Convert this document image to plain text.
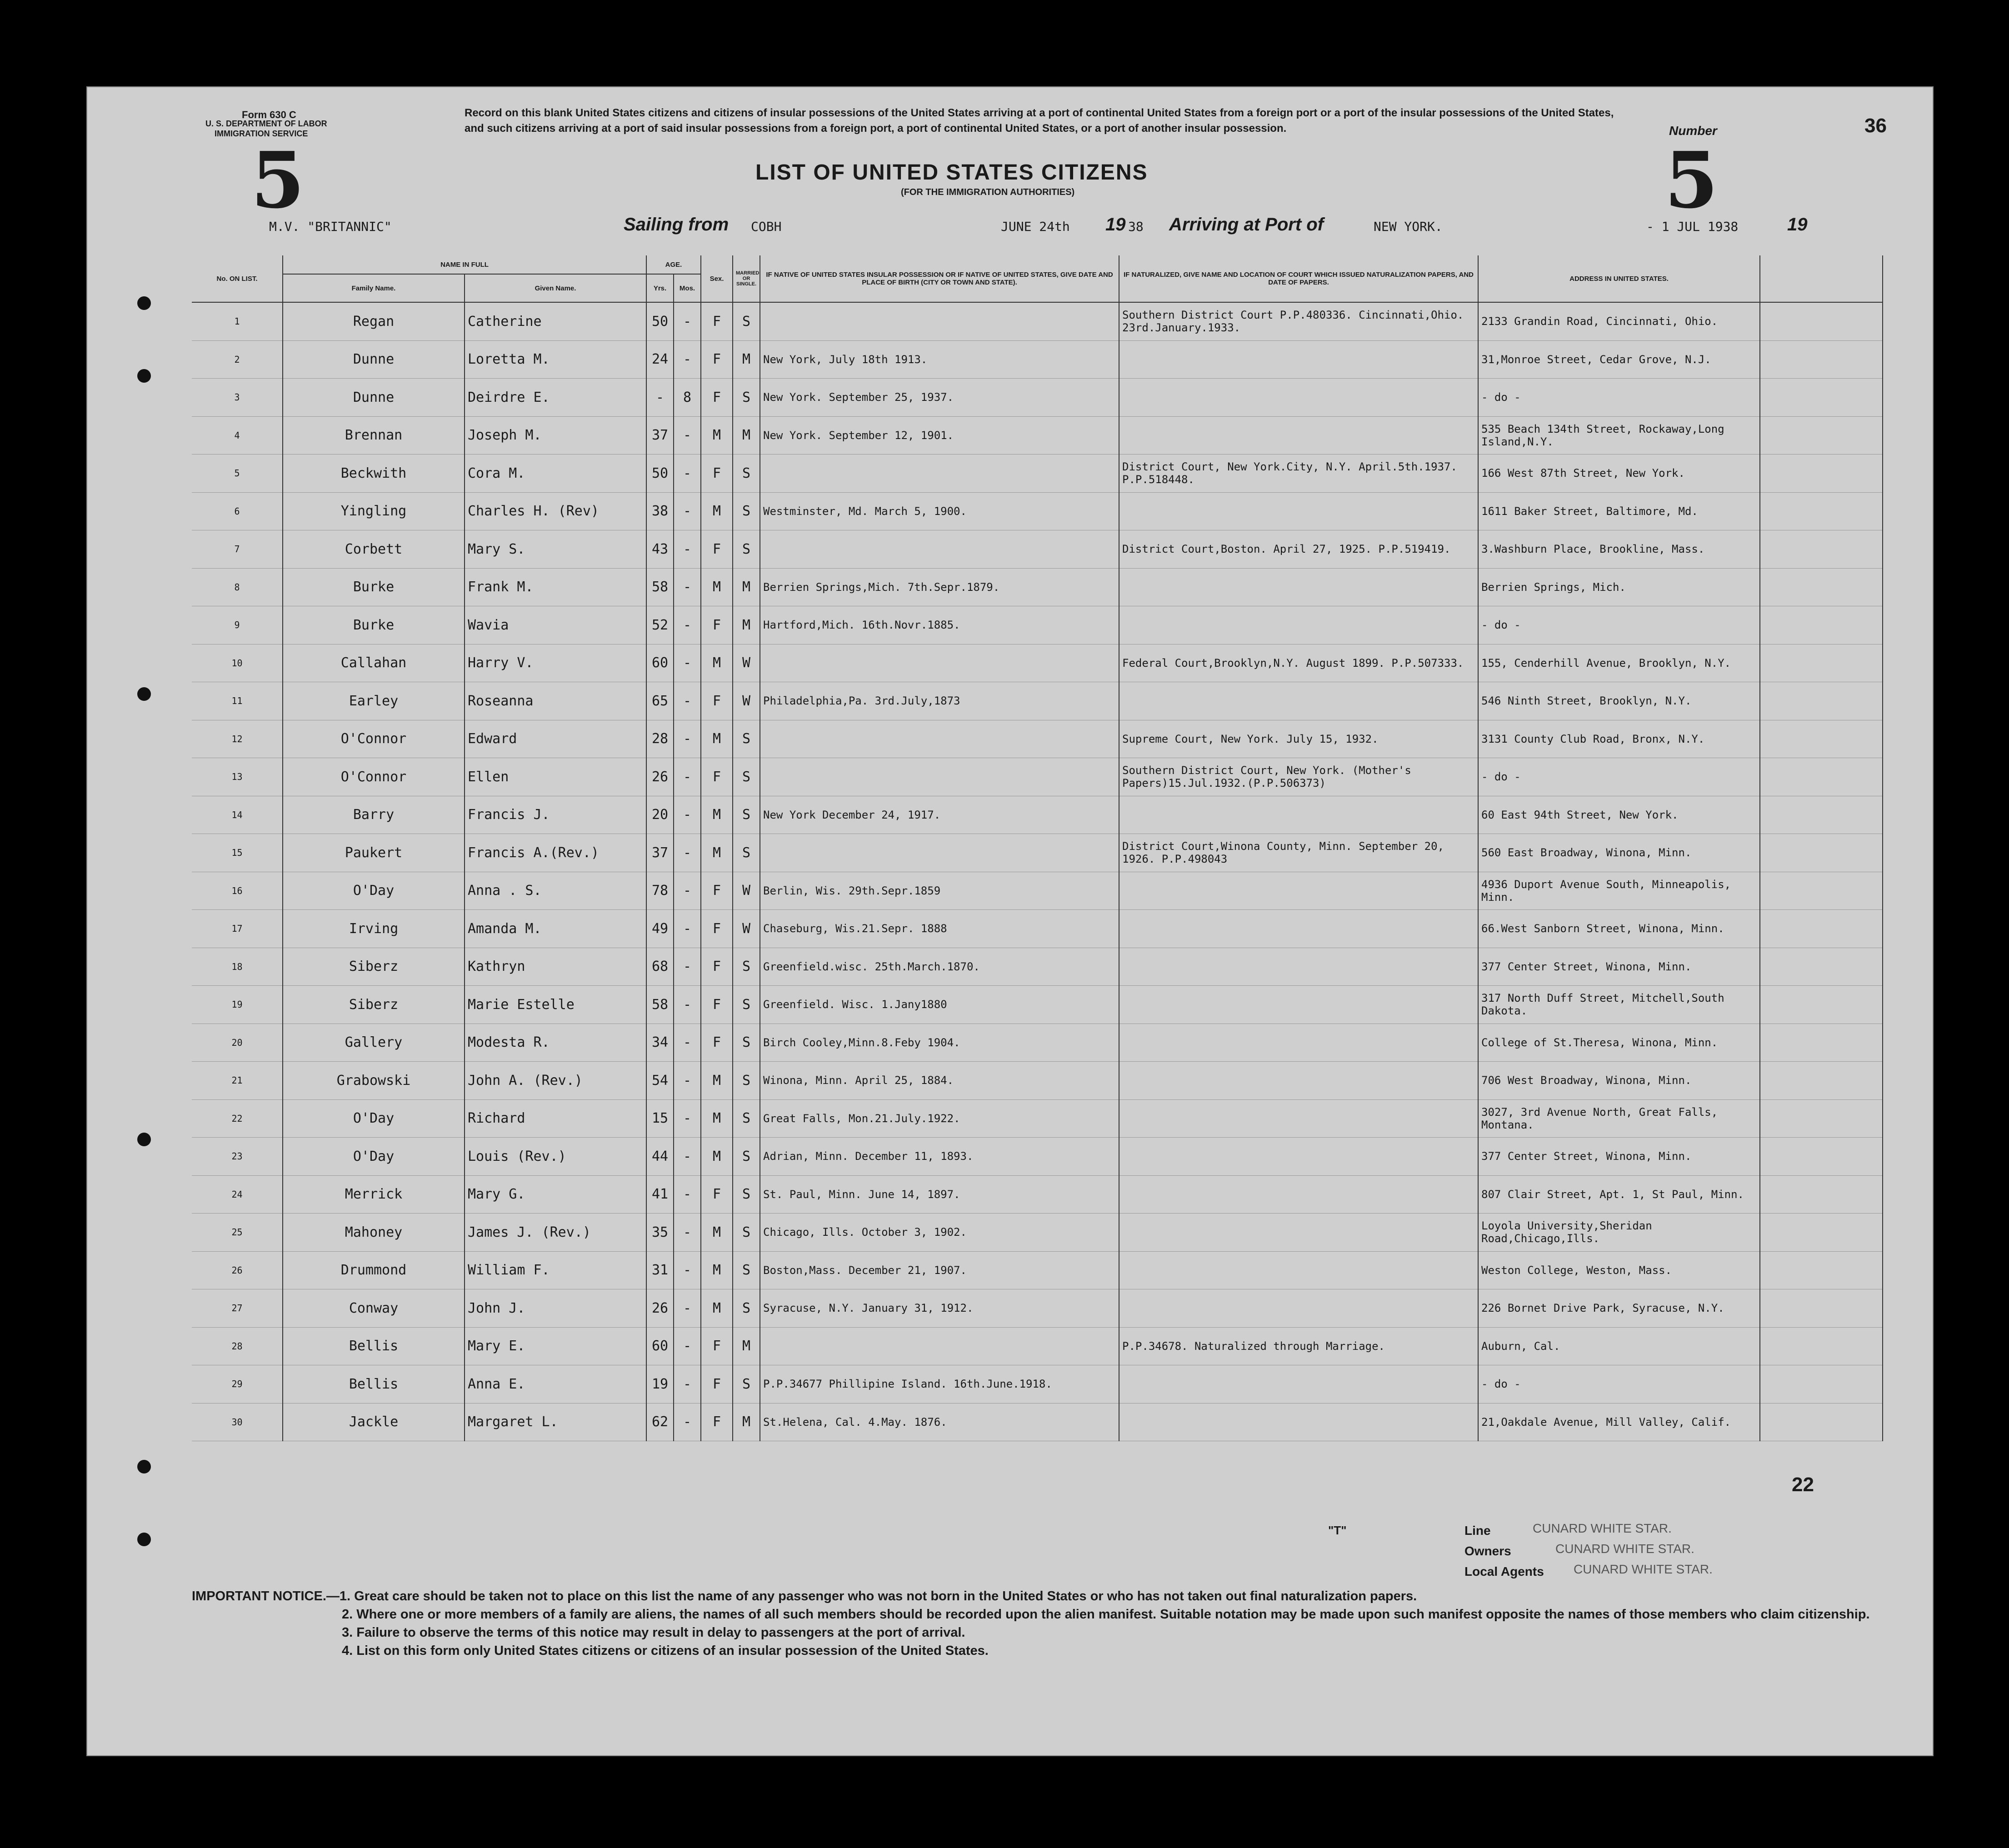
Form 630 C
U. S. DEPARTMENT OF LABOR
IMMIGRATION SERVICE
5
Record on this blank United States citizens and citizens of insular possessions of the United States arriving at a port of continental United States from a foreign port or a port of the insular possessions of the United States, and such citizens arriving at a port of said insular possessions from a foreign port, a port of continental United States, or a port of another insular possession.	Number	36
5
LIST OF UNITED STATES CITIZENS
(FOR THE IMMIGRATION AUTHORITIES)
M.V. "BRITANNIC"	Sailing from COBH	JUNE 24th 19 38 Arriving at Port of	NEW YORK.	- 1 JUL 1938	19
No. ON LIST.	NAME IN FULL		AGE.		Sex.	MARRIED OR SINGLE.	IF NATIVE OF UNITED STATES INSULAR POSSESSION OR IF NATIVE OF UNITED STATES, GIVE DATE AND PLACE OF BIRTH (CITY OR TOWN AND STATE).	IF NATURALIZED, GIVE NAME AND LOCATION OF COURT WHICH ISSUED NATURALIZATION PAPERS, AND DATE OF PAPERS.	ADDRESS IN UNITED STATES.	
	Family Name.	Given Name.	Yrs.	Mos.						
1	Regan	Catherine	50	-	F	S		Southern District Court P.P.480336. Cincinnati,Ohio. 23rd.January.1933.	2133 Grandin Road, Cincinnati, Ohio.	
2	Dunne	Loretta M.	24	-	F	M	New York, July 18th 1913.		31,Monroe Street, Cedar Grove, N.J.	
3	Dunne	Deirdre E.	-	8	F	S	New York. September 25, 1937.		- do -	
4	Brennan	Joseph M.	37	-	M	M	New York. September 12, 1901.		535 Beach 134th Street, Rockaway,Long Island,N.Y.	
5	Beckwith	Cora M.	50	-	F	S		District Court, New York.City, N.Y. April.5th.1937. P.P.518448.	166 West 87th Street, New York.	
6	Yingling	Charles H. (Rev)	38	-	M	S	Westminster, Md. March 5, 1900.		1611 Baker Street, Baltimore, Md.	
7	Corbett	Mary S.	43	-	F	S		District Court,Boston. April 27, 1925. P.P.519419.	3.Washburn Place, Brookline, Mass.	
8	Burke	Frank M.	58	-	M	M	Berrien Springs,Mich. 7th.Sepr.1879.		Berrien Springs, Mich.	
9	Burke	Wavia	52	-	F	M	Hartford,Mich. 16th.Novr.1885.		- do -	
10	Callahan	Harry V.	60	-	M	W		Federal Court,Brooklyn,N.Y. August 1899. P.P.507333.	155, Cenderhill Avenue, Brooklyn, N.Y.	
11	Earley	Roseanna	65	-	F	W	Philadelphia,Pa. 3rd.July,1873		546 Ninth Street, Brooklyn, N.Y.	
12	O'Connor	Edward	28	-	M	S		Supreme Court, New York. July 15, 1932.	3131 County Club Road, Bronx, N.Y.	
13	O'Connor	Ellen	26	-	F	S		Southern District Court, New York. (Mother's Papers)15.Jul.1932.(P.P.506373)	- do -	
14	Barry	Francis J.	20	-	M	S	New York December 24, 1917.		60 East 94th Street, New York.	
15	Paukert	Francis A.(Rev.)	37	-	M	S		District Court,Winona County, Minn. September 20, 1926. P.P.498043	560 East Broadway, Winona, Minn.	
16	O'Day	Anna . S.	78	-	F	W	Berlin, Wis. 29th.Sepr.1859		4936 Duport Avenue South, Minneapolis, Minn.	
17	Irving	Amanda M.	49	-	F	W	Chaseburg, Wis.21.Sepr. 1888		66.West Sanborn Street, Winona, Minn.	
18	Siberz	Kathryn	68	-	F	S	Greenfield.wisc. 25th.March.1870.		377 Center Street, Winona, Minn.	
19	Siberz	Marie Estelle	58	-	F	S	Greenfield. Wisc. 1.Jany1880		317 North Duff Street, Mitchell,South Dakota.	
20	Gallery	Modesta R.	34	-	F	S	Birch Cooley,Minn.8.Feby 1904.		College of St.Theresa, Winona, Minn.	
21	Grabowski	John A. (Rev.)	54	-	M	S	Winona, Minn. April 25, 1884.		706 West Broadway, Winona, Minn.	
22	O'Day	Richard	15	-	M	S	Great Falls, Mon.21.July.1922.		3027, 3rd Avenue North, Great Falls, Montana.	
23	O'Day	Louis (Rev.)	44	-	M	S	Adrian, Minn. December 11, 1893.		377 Center Street, Winona, Minn.	
24	Merrick	Mary G.	41	-	F	S	St. Paul, Minn. June 14, 1897.		807 Clair Street, Apt. 1, St Paul, Minn.	
25	Mahoney	James J. (Rev.)	35	-	M	S	Chicago, Ills. October 3, 1902.		Loyola University,Sheridan Road,Chicago,Ills.	
26	Drummond	William F.	31	-	M	S	Boston,Mass. December 21, 1907.		Weston College, Weston, Mass.	
27	Conway	John J.	26	-	M	S	Syracuse, N.Y. January 31, 1912.		226 Bornet Drive Park, Syracuse, N.Y.	
28	Bellis	Mary E.	60	-	F	M		P.P.34678. Naturalized through Marriage.	Auburn, Cal.	
29	Bellis	Anna E.	19	-	F	S	P.P.34677 Phillipine Island. 16th.June.1918.		- do -	
30	Jackle	Margaret L.	62	-	F	M	St.Helena, Cal. 4.May. 1876.		21,Oakdale Avenue, Mill Valley, Calif.	
22
"T"	Line	CUNARD WHITE STAR.
Owners	CUNARD WHITE STAR.
Local Agents CUNARD WHITE STAR.
IMPORTANT NOTICE.—1. Great care should be taken not to place on this list the name of any passenger who was not born in the United States or who has not taken out final naturalization papers.
2. Where one or more members of a family are aliens, the names of all such members should be recorded upon the alien manifest. Suitable notation may be made upon such manifest opposite the names of those members who claim citizenship.
3. Failure to observe the terms of this notice may result in delay to passengers at the port of arrival.
4. List on this form only United States citizens or citizens of an insular possession of the United States.
